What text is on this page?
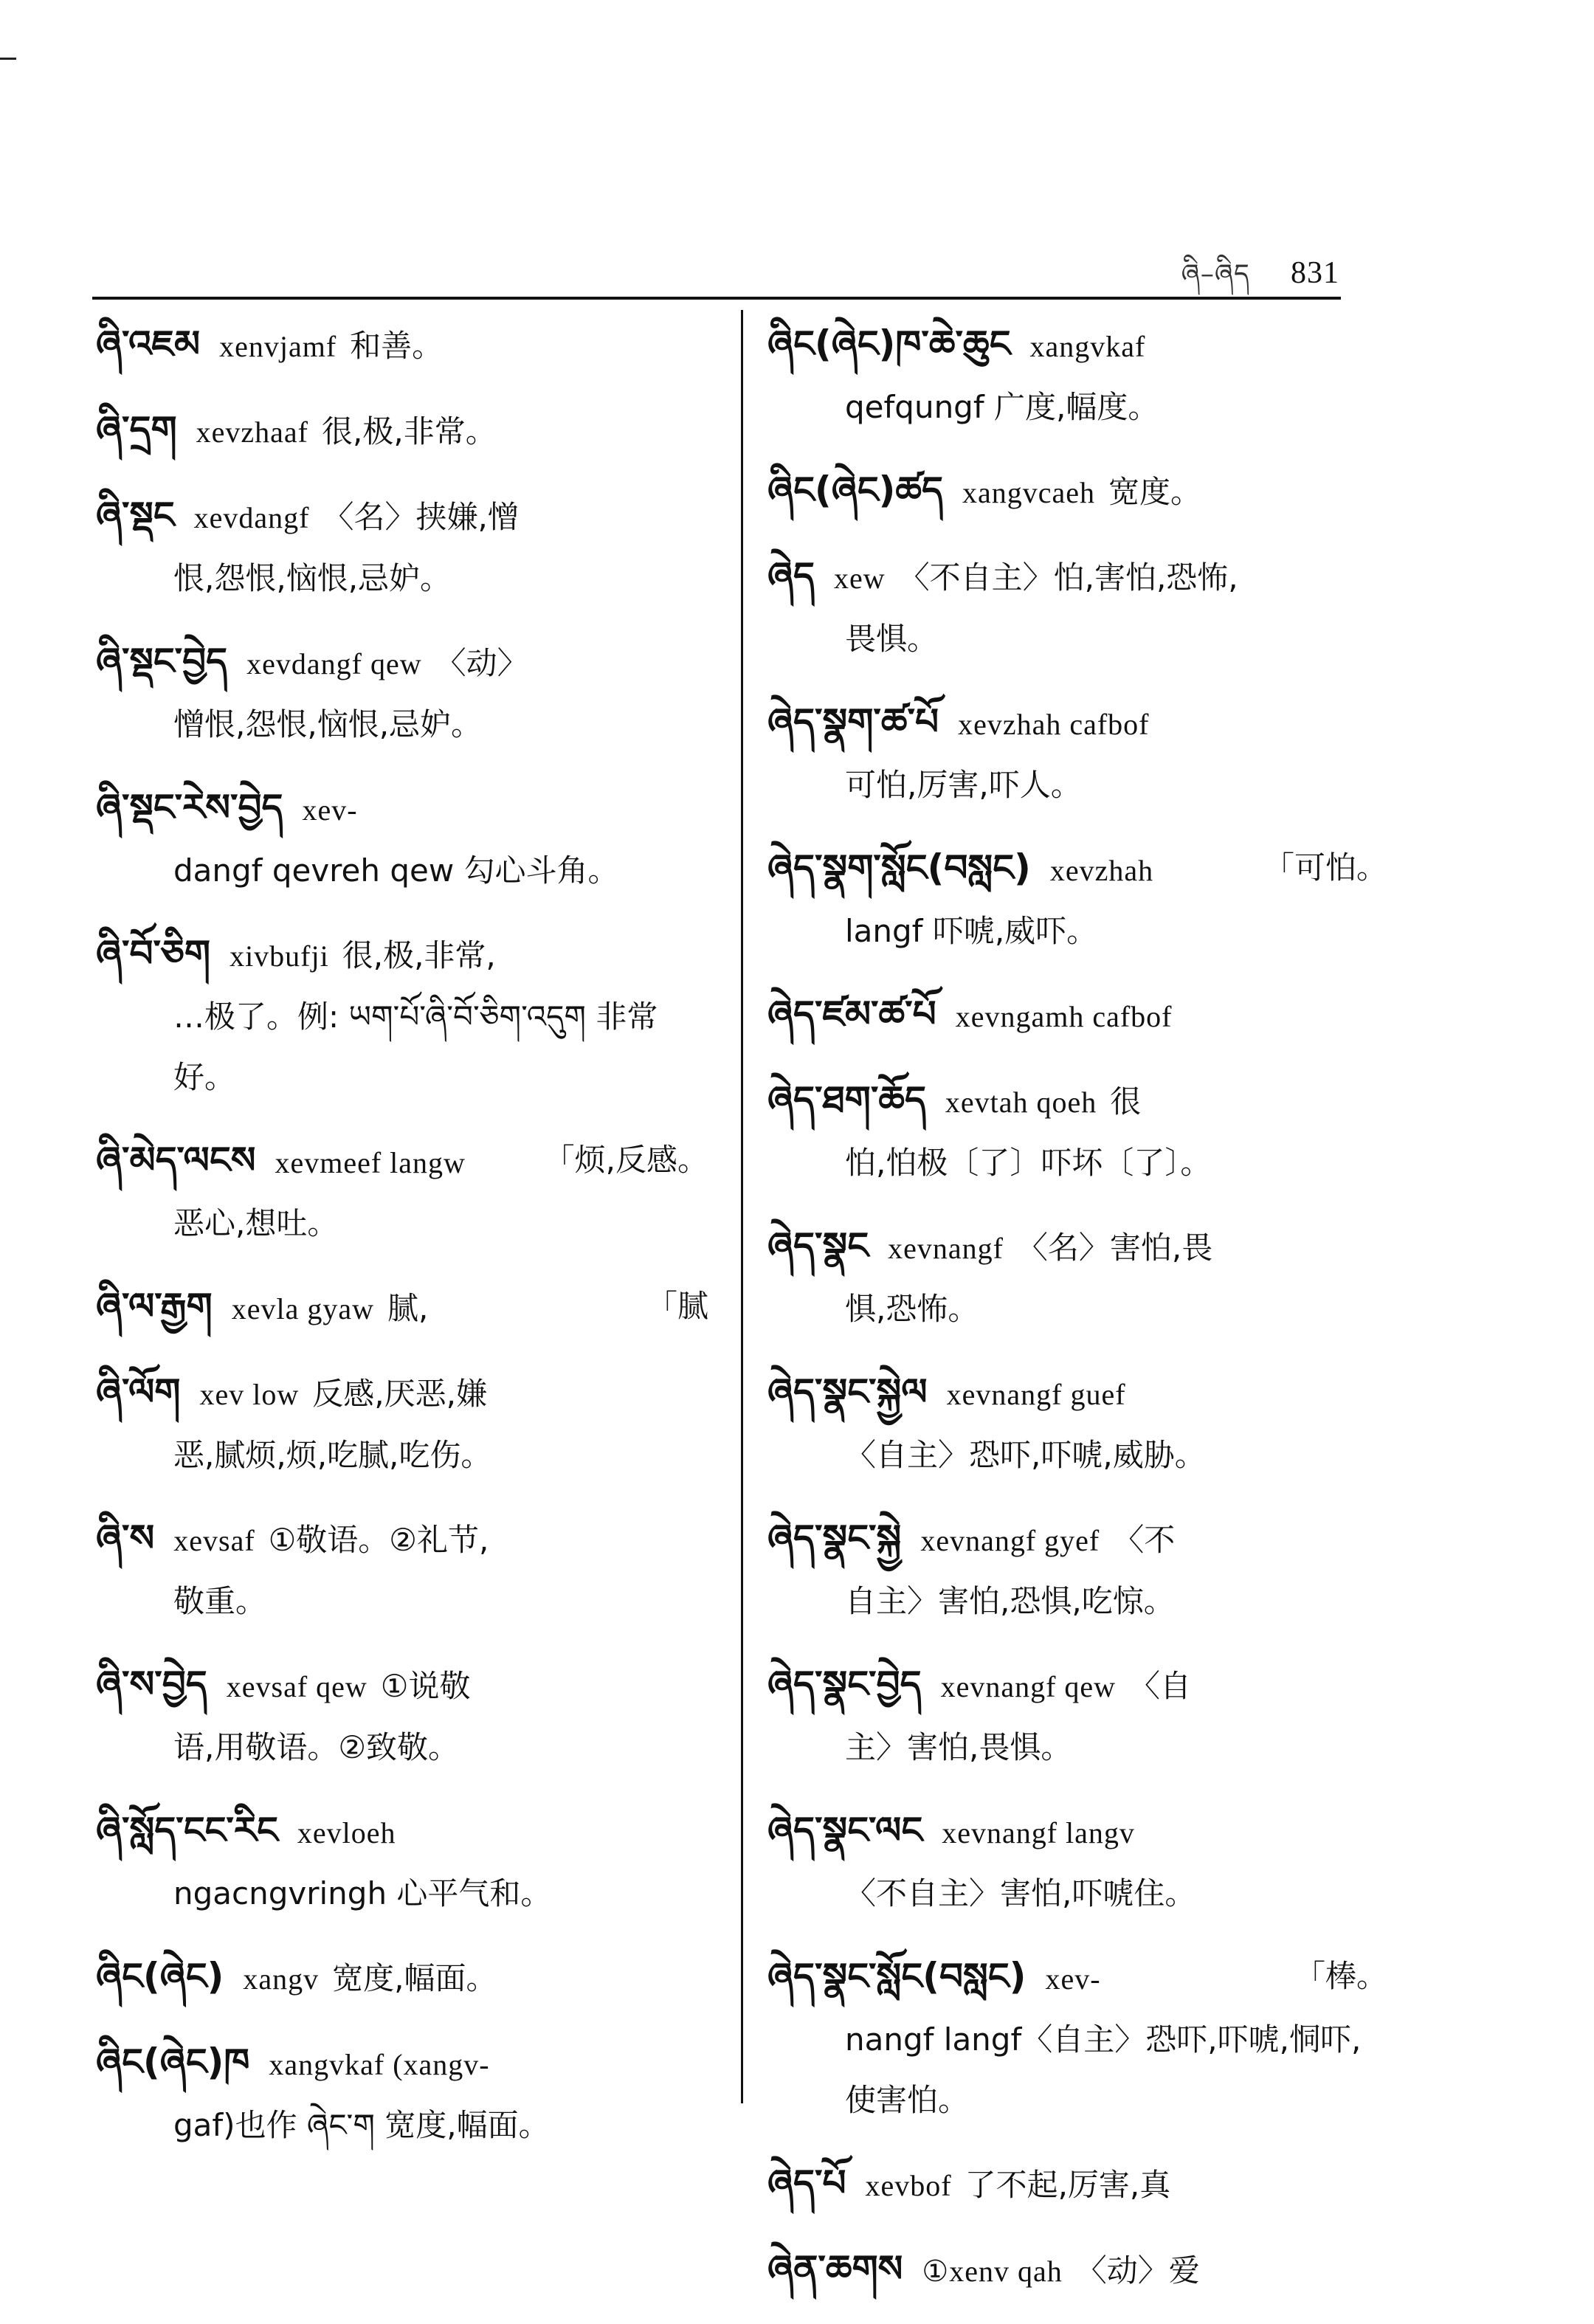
ཞི–ཞིད 831
ཞི་འཇམ xenvjamf 和善。
ཞི་དྲག xevzhaaf 很,极,非常。
ཞི་སྡང xevdangf 〈名〉挟嫌,憎
恨,怨恨,恼恨,忌妒。
ཞི་སྡང་བྱེད xevdangf qew 〈动〉
憎恨,怨恨,恼恨,忌妒。
ཞི་སྡང་རེས་བྱེད xev-
dangf qevreh qew 勾心斗角。
ཞི་བོ་ཅིག xivbufji 很,极,非常,
…极了。例: ཡག་པོ་ཞི་བོ་ཅིག་འདུག 非常好。
「烦,反感。
ཞི་མེད་ལངས xevmeef langw
恶心,想吐。
「腻
ཞི་ལ་རྒྱག xevla gyaw 腻,
ཞི་ལོག xev low 反感,厌恶,嫌
恶,腻烦,烦,吃腻,吃伤。
ཞི་ས xevsaf ①敬语。②礼节,
敬重。
ཞི་ས་བྱེད xevsaf qew ①说敬
语,用敬语。②致敬。
ཞི་སློད་ངང་རིང xevloeh
ngacngvringh 心平气和。
ཞིང(ཞེང) xangv 宽度,幅面。
ཞིང(ཞེང)ཁ xangvkaf (xangv-
gaf)也作 ཞེང་ག 宽度,幅面。
ཞིང(ཞེང)ཁ་ཆེ་ཆུང xangvkaf
qefqungf 广度,幅度。
ཞིང(ཞེང)ཚད xangvcaeh 宽度。
ཞེད xew 〈不自主〉怕,害怕,恐怖,
畏惧。
ཞེད་སྣག་ཚ་པོ xevzhah cafbof
可怕,厉害,吓人。
「可怕。
ཞེད་སྣག་སློང(བསླང) xevzhah
langf 吓唬,威吓。
ཞེད་ཛམ་ཚ་པོ xevngamh cafbof
ཞེད་ཐག་ཆོད xevtah qoeh 很
怕,怕极〔了〕吓坏〔了〕。
ཞེད་སྣང xevnangf 〈名〉害怕,畏
惧,恐怖。
ཞེད་སྣང་སྐྱེལ xevnangf guef
〈自主〉恐吓,吓唬,威胁。
ཞེད་སྣང་སྐྱེ xevnangf gyef 〈不
自主〉害怕,恐惧,吃惊。
ཞེད་སྣང་བྱེད xevnangf qew 〈自
主〉害怕,畏惧。
ཞེད་སྣང་ལང xevnangf langv
〈不自主〉害怕,吓唬住。
「棒。
ཞེད་སྣང་སློང(བསླང) xev-
nangf langf〈自主〉恐吓,吓唬,恫吓,使害怕。
ཞེད་པོ xevbof 了不起,厉害,真
ཞེན་ཆགས ①xenv qah 〈动〉爱
